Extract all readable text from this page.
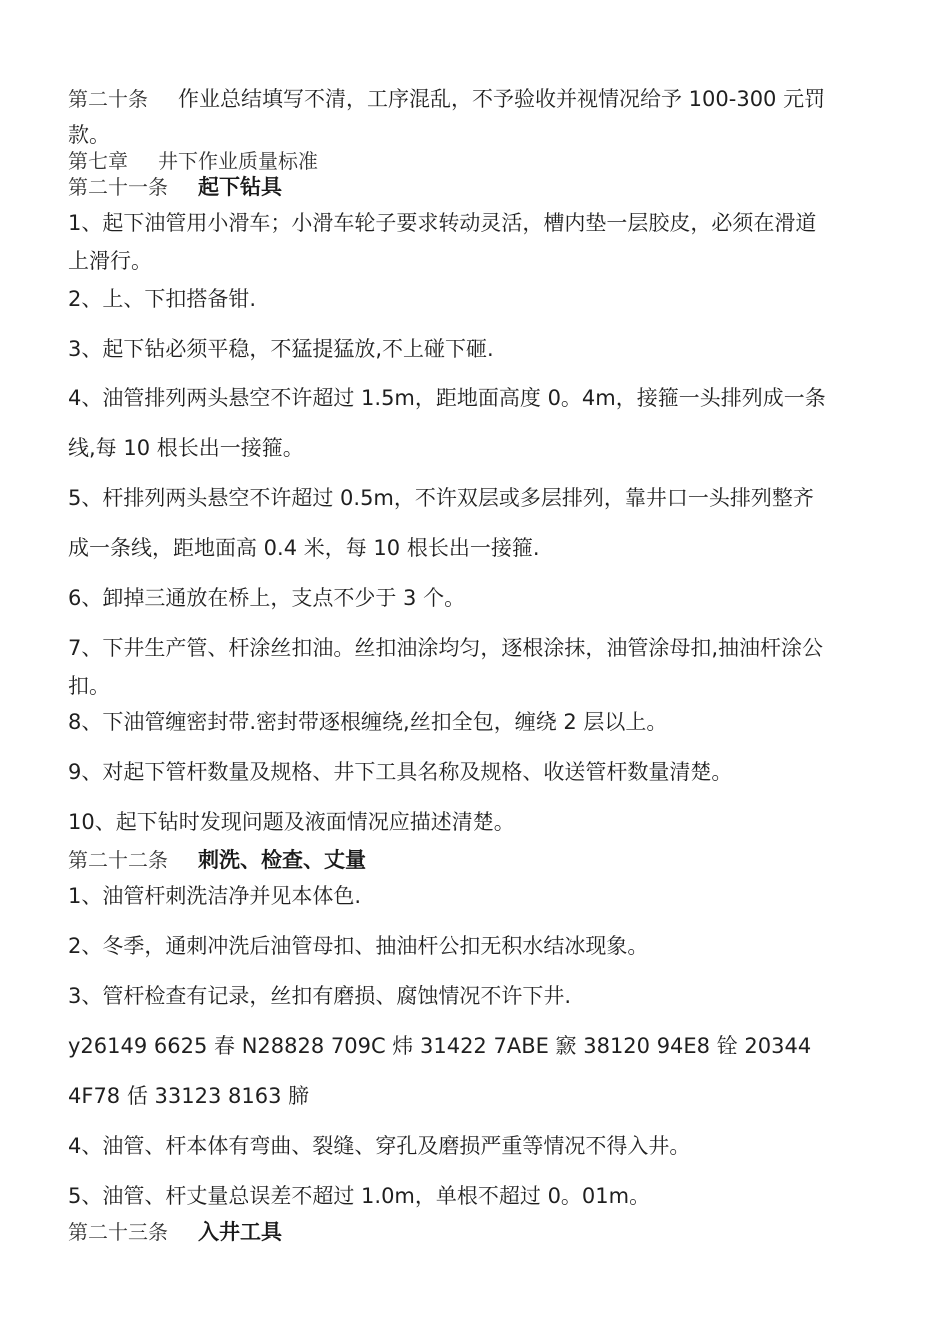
第二十条 作业总结填写不清，工序混乱，不予验收并视情况给予 100-300 元罚
款。
第七章 井下作业质量标准
第二十一条 起下钻具
1、起下油管用小滑车；小滑车轮子要求转动灵活，槽内垫一层胶皮，必须在滑道
上滑行。
2、上、下扣搭备钳.
3、起下钻必须平稳，不猛提猛放,不上碰下砸.
4、油管排列两头悬空不许超过 1.5m，距地面高度 0。4m，接箍一头排列成一条
线,每 10 根长出一接箍。
5、杆排列两头悬空不许超过 0.5m，不许双层或多层排列，靠井口一头排列整齐
成一条线，距地面高 0.4 米，每 10 根长出一接箍.
6、卸掉三通放在桥上，支点不少于 3 个。
7、下井生产管、杆涂丝扣油。丝扣油涂均匀，逐根涂抹，油管涂母扣,抽油杆涂公
扣。
8、下油管缠密封带.密封带逐根缠绕,丝扣全包，缠绕 2 层以上。
9、对起下管杆数量及规格、井下工具名称及规格、收送管杆数量清楚。
10、起下钻时发现问题及液面情况应描述清楚。
第二十二条 刺洗、检查、丈量
1、油管杆刺洗洁净并见本体色.
2、冬季，通刺冲洗后油管母扣、抽油杆公扣无积水结冰现象。
3、管杆检查有记录，丝扣有磨损、腐蚀情况不许下井.
y26149 6625 春 N28828 709C 炜 31422 7ABE 窾 38120 94E8 铨 20344
4F78 佸 33123 8163 腣
4、油管、杆本体有弯曲、裂缝、穿孔及磨损严重等情况不得入井。
5、油管、杆丈量总误差不超过 1.0m，单根不超过 0。01m。
第二十三条 入井工具
